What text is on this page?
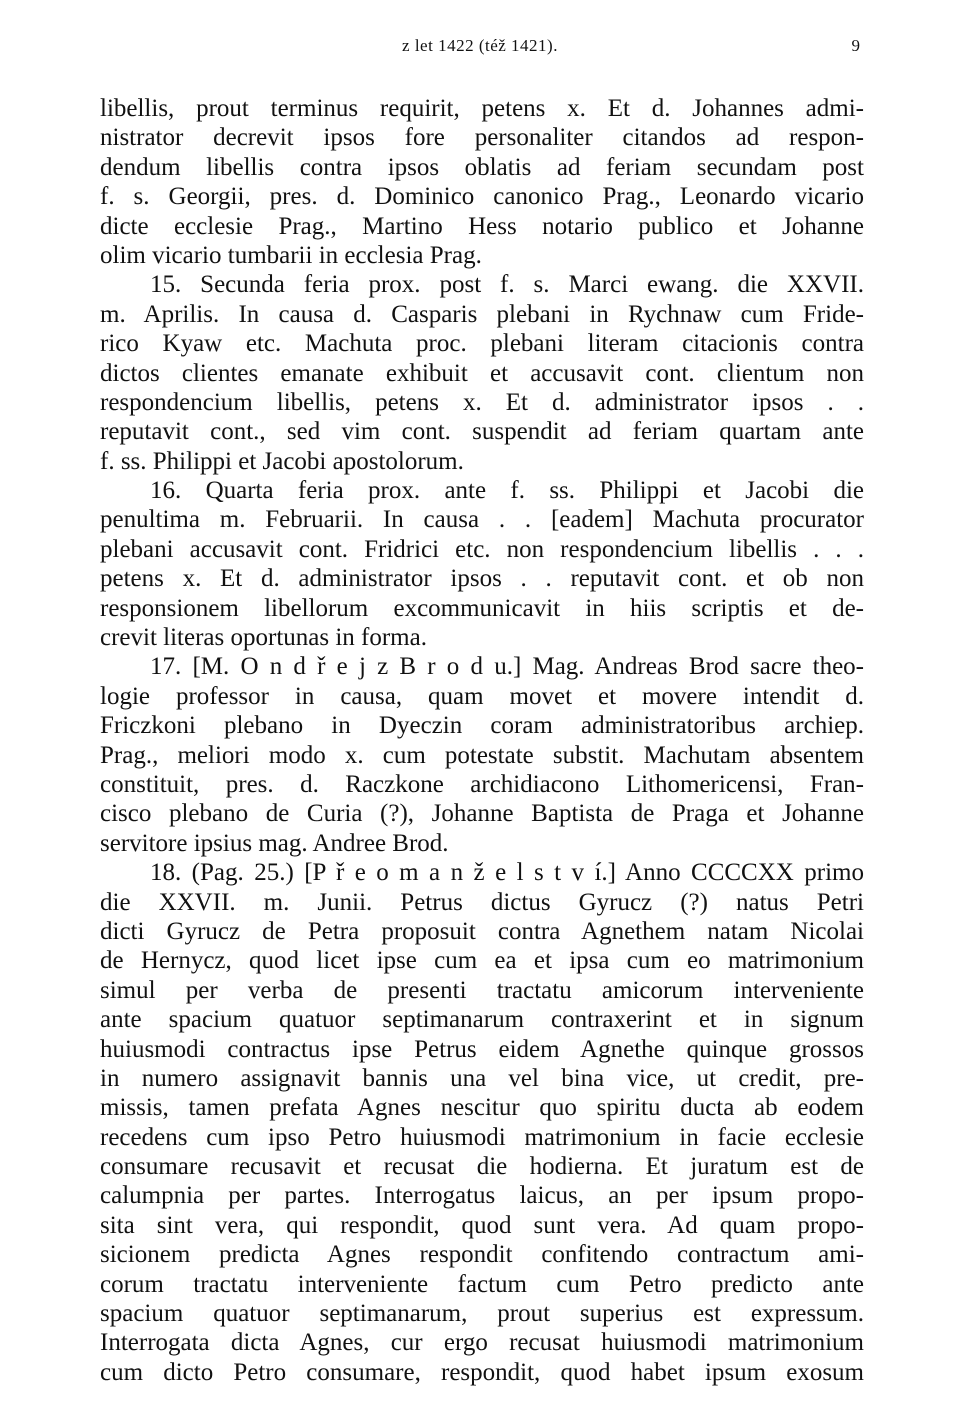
z let 1422 (též 1421).	9
libellis, prout terminus requirit, petens x. Et d. Johannes admi-
nistrator decrevit ipsos fore personaliter citandos ad respon-
dendum libellis contra ipsos oblatis ad feriam secundam post
f. s. Georgii, pres. d. Dominico canonico Prag., Leonardo vicario
dicte ecclesie Prag., Martino Hess notario publico et Johanne
olim vicario tumbarii in ecclesia Prag.
  15. Secunda feria prox. post f. s. Marci ewang. die XXVII.
m. Aprilis. In causa d. Casparis plebani in Rychnaw cum Fride-
rico Kyaw etc. Machuta proc. plebani literam citacionis contra
dictos clientes emanate exhibuit et accusavit cont. clientum non
respondencium libellis, petens x. Et d. administrator ipsos . .
reputavit cont., sed vim cont. suspendit ad feriam quartam ante
f. ss. Philippi et Jacobi apostolorum.
  16. Quarta feria prox. ante f. ss. Philippi et Jacobi die
penultima m. Februarii. In causa . . [eadem] Machuta procurator
plebani accusavit cont. Fridrici etc. non respondencium libellis . . .
petens x. Et d. administrator ipsos . . reputavit cont. et ob non
responsionem libellorum excommunicavit in hiis scriptis et de-
crevit literas oportunas in forma.
  17. [M. O n d ř e j z B r o d u.] Mag. Andreas Brod sacre theo-
logie professor in causa, quam movet et movere intendit d.
Friczkoni plebano in Dyeczin coram administratoribus archiep.
Prag., meliori modo x. cum potestate substit. Machutam absentem
constituit, pres. d. Raczkone archidiacono Lithomericensi, Fran-
cisco plebano de Curia (?), Johanne Baptista de Praga et Johanne
servitore ipsius mag. Andree Brod.
  18. (Pag. 25.) [P ř e o m a n ž e l s t v í.] Anno CCCCXX primo
die XXVII. m. Junii. Petrus dictus Gyrucz (?) natus Petri
dicti Gyrucz de Petra proposuit contra Agnethem natam Nicolai
de Hernycz, quod licet ipse cum ea et ipsa cum eo matrimonium
simul per verba de presenti tractatu amicorum interveniente
ante spacium quatuor septimanarum contraxerint et in signum
huiusmodi contractus ipse Petrus eidem Agnethe quinque grossos
in numero assignavit bannis una vel bina vice, ut credit, pre-
missis, tamen prefata Agnes nescitur quo spiritu ducta ab eodem
recedens cum ipso Petro huiusmodi matrimonium in facie ecclesie
consumare recusavit et recusat die hodierna. Et juratum est de
calumpnia per partes. Interrogatus laicus, an per ipsum propo-
sita sint vera, qui respondit, quod sunt vera. Ad quam propo-
sicionem predicta Agnes respondit confitendo contractum ami-
corum tractatu interveniente factum cum Petro predicto ante
spacium quatuor septimanarum, prout superius est expressum.
Interrogata dicta Agnes, cur ergo recusat huiusmodi matrimonium
cum dicto Petro consumare, respondit, quod habet ipsum exosum
